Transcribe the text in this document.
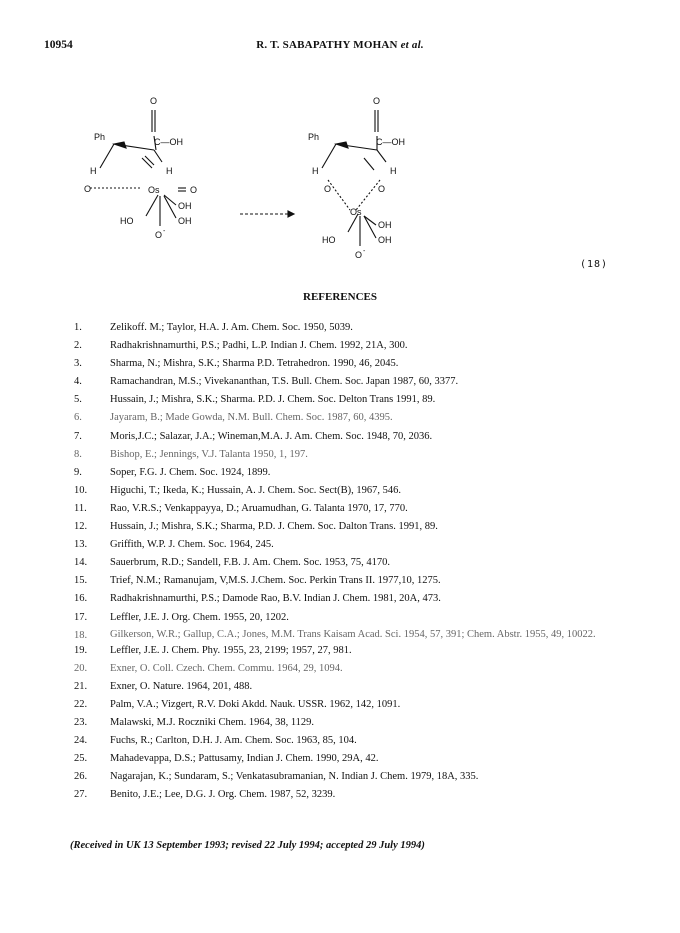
10954	R. T. SABAPATHY MOHAN et al.
O
Ph	C—OH
H	H
O	Os	O
OH
HO	OH
O -
O
Ph	C—OH
H	H
O	O
Os
OH
HO	OH
O -
(18)
REFERENCES
1.	Zelikoff. M.; Taylor, H.A. J. Am. Chem. Soc. 1950, 5039.
2.	Radhakrishnamurthi, P.S.; Padhi, L.P. Indian J. Chem. 1992, 21A, 300.
3.	Sharma, N.; Mishra, S.K.; Sharma P.D. Tetrahedron. 1990, 46, 2045.
4.	Ramachandran, M.S.; Vivekananthan, T.S. Bull. Chem. Soc. Japan 1987, 60, 3377.
5.	Hussain, J.; Mishra, S.K.; Sharma. P.D. J. Chem. Soc. Delton Trans 1991, 89.
6.	Jayaram, B.; Made Gowda, N.M. Bull. Chem. Soc. 1987, 60, 4395.
7.	Moris,J.C.; Salazar, J.A.; Wineman,M.A. J. Am. Chem. Soc. 1948, 70, 2036.
8.	Bishop, E.; Jennings, V.J. Talanta 1950, 1, 197.
9.	Soper, F.G. J. Chem. Soc. 1924, 1899.
10.	Higuchi, T.; Ikeda, K.; Hussain, A. J. Chem. Soc. Sect(B), 1967, 546.
11.	Rao, V.R.S.; Venkappayya, D.; Aruamudhan, G. Talanta 1970, 17, 770.
12.	Hussain, J.; Mishra, S.K.; Sharma, P.D. J. Chem. Soc. Dalton Trans. 1991, 89.
13.	Griffith, W.P. J. Chem. Soc. 1964, 245.
14.	Sauerbrum, R.D.; Sandell, F.B. J. Am. Chem. Soc. 1953, 75, 4170.
15.	Trief, N.M.; Ramanujam, V,M.S. J.Chem. Soc. Perkin Trans II. 1977,10, 1275.
16.	Radhakrishnamurthi, P.S.; Damode Rao, B.V. Indian J. Chem. 1981, 20A, 473.
17.	Leffler, J.E. J. Org. Chem. 1955, 20, 1202.
18.	Gilkerson, W.R.; Gallup, C.A.; Jones, M.M. Trans Kaisam Acad. Sci. 1954, 57, 391; Chem. Abstr. 1955, 49, 10022.
19.	Leffler, J.E. J. Chem. Phy. 1955, 23, 2199; 1957, 27, 981.
20.	Exner, O. Coll. Czech. Chem. Commu. 1964, 29, 1094.
21.	Exner, O. Nature. 1964, 201, 488.
22.	Palm, V.A.; Vizgert, R.V. Doki Akdd. Nauk. USSR. 1962, 142, 1091.
23.	Malawski, M.J. Roczniki Chem. 1964, 38, 1129.
24.	Fuchs, R.; Carlton, D.H. J. Am. Chem. Soc. 1963, 85, 104.
25.	Mahadevappa, D.S.; Pattusamy, Indian J. Chem. 1990, 29A, 42.
26.	Nagarajan, K.; Sundaram, S.; Venkatasubramanian, N. Indian J. Chem. 1979, 18A, 335.
27.	Benito, J.E.; Lee, D.G. J. Org. Chem. 1987, 52, 3239.
(Received in UK 13 September 1993; revised 22 July 1994; accepted 29 July 1994)
